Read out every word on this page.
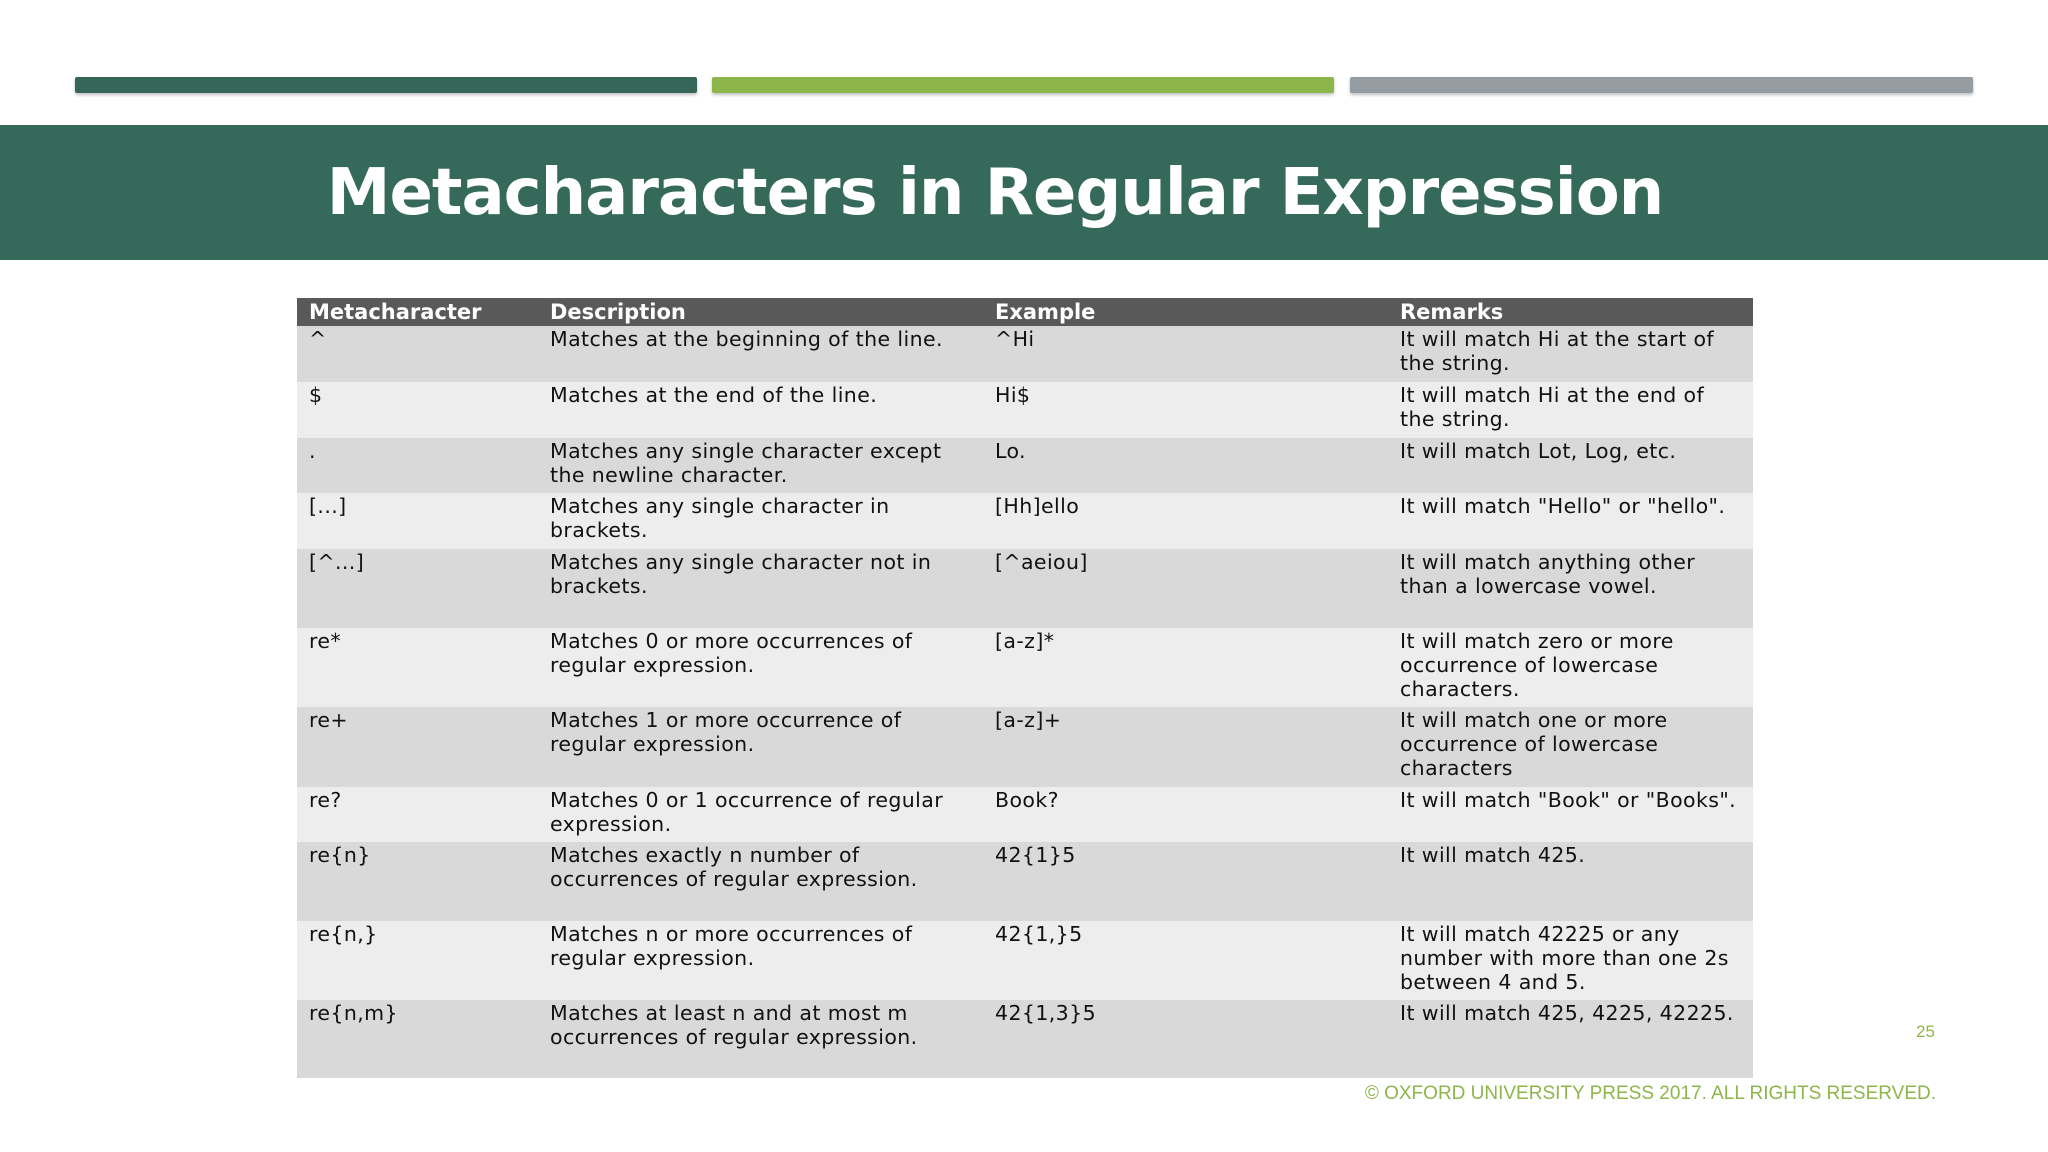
Metacharacters in Regular Expression
Metacharacter	Description	Example	Remarks
^	Matches at the beginning of the line.	^Hi	It will match Hi at the start of the string.
$	Matches at the end of the line.	Hi$	It will match Hi at the end of the string.
.	Matches any single character except the newline character.	Lo.	It will match Lot, Log, etc.
[...]	Matches any single character in brackets.	[Hh]ello	It will match "Hello" or "hello".
[^...]	Matches any single character not in brackets.	[^aeiou]	It will match anything other than a lowercase vowel.
re*	Matches 0 or more occurrences of regular expression.	[a-z]*	It will match zero or more occurrence of lowercase characters.
re+	Matches 1 or more occurrence of regular expression.	[a-z]+	It will match one or more occurrence of lowercase characters
re?	Matches 0 or 1 occurrence of regular expression.	Book?	It will match "Book" or "Books".
re{n}	Matches exactly n number of occurrences of regular expression.	42{1}5	It will match 425.
re{n,}	Matches n or more occurrences of regular expression.	42{1,}5	It will match 42225 or any number with more than one 2s between 4 and 5.
re{n,m}	Matches at least n and at most m occurrences of regular expression.	42{1,3}5	It will match 425, 4225, 42225.
25
© OXFORD UNIVERSITY PRESS 2017. ALL RIGHTS RESERVED.
